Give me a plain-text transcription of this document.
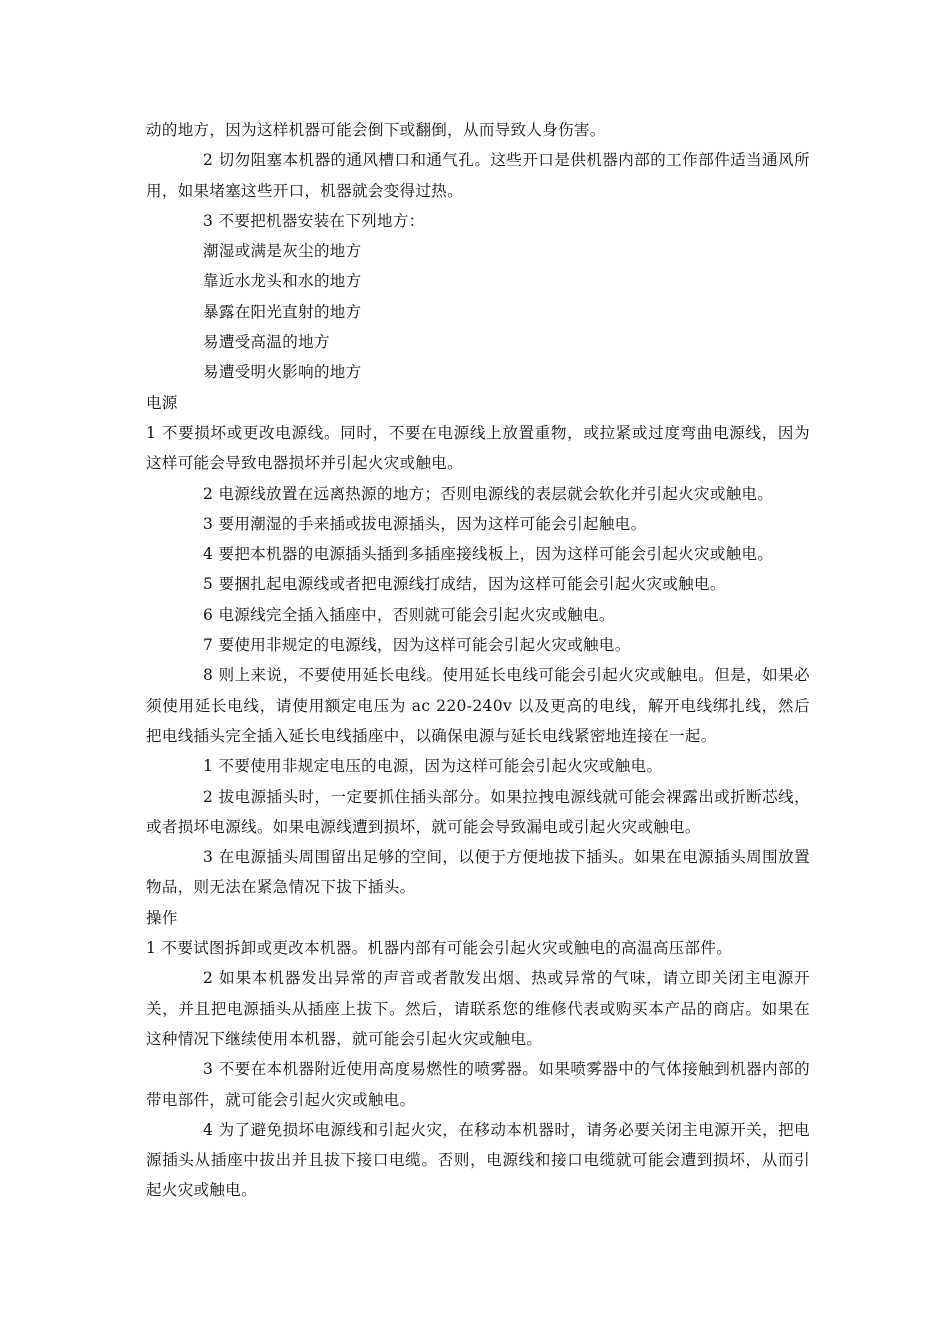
动的地方，因为这样机器可能会倒下或翻倒，从而导致人身伤害。

2 切勿阻塞本机器的通风槽口和通气孔。这些开口是供机器内部的工作部件适当通风所用，如果堵塞这些开口，机器就会变得过热。

3 不要把机器安装在下列地方：

潮湿或满是灰尘的地方

靠近水龙头和水的地方

暴露在阳光直射的地方

易遭受高温的地方

易遭受明火影响的地方

电源

1 不要损坏或更改电源线。同时，不要在电源线上放置重物，或拉紧或过度弯曲电源线，因为这样可能会导致电器损坏并引起火灾或触电。

2 电源线放置在远离热源的地方；否则电源线的表层就会软化并引起火灾或触电。

3 要用潮湿的手来插或拔电源插头，因为这样可能会引起触电。

4 要把本机器的电源插头插到多插座接线板上，因为这样可能会引起火灾或触电。

5 要捆扎起电源线或者把电源线打成结，因为这样可能会引起火灾或触电。

6 电源线完全插入插座中，否则就可能会引起火灾或触电。

7 要使用非规定的电源线，因为这样可能会引起火灾或触电。

8 则上来说，不要使用延长电线。使用延长电线可能会引起火灾或触电。但是，如果必须使用延长电线，请使用额定电压为 ac 220-240v 以及更高的电线，解开电线绑扎线，然后把电线插头完全插入延长电线插座中，以确保电源与延长电线紧密地连接在一起。

1 不要使用非规定电压的电源，因为这样可能会引起火灾或触电。

2 拔电源插头时，一定要抓住插头部分。如果拉拽电源线就可能会裸露出或折断芯线，或者损坏电源线。如果电源线遭到损坏，就可能会导致漏电或引起火灾或触电。

3 在电源插头周围留出足够的空间，以便于方便地拔下插头。如果在电源插头周围放置物品，则无法在紧急情况下拔下插头。

操作

1 不要试图拆卸或更改本机器。机器内部有可能会引起火灾或触电的高温高压部件。

2 如果本机器发出异常的声音或者散发出烟、热或异常的气味，请立即关闭主电源开关，并且把电源插头从插座上拔下。然后，请联系您的维修代表或购买本产品的商店。如果在这种情况下继续使用本机器，就可能会引起火灾或触电。

3 不要在本机器附近使用高度易燃性的喷雾器。如果喷雾器中的气体接触到机器内部的带电部件，就可能会引起火灾或触电。

4 为了避免损坏电源线和引起火灾，在移动本机器时，请务必要关闭主电源开关，把电源插头从插座中拔出并且拔下接口电缆。否则，电源线和接口电缆就可能会遭到损坏，从而引起火灾或触电。
